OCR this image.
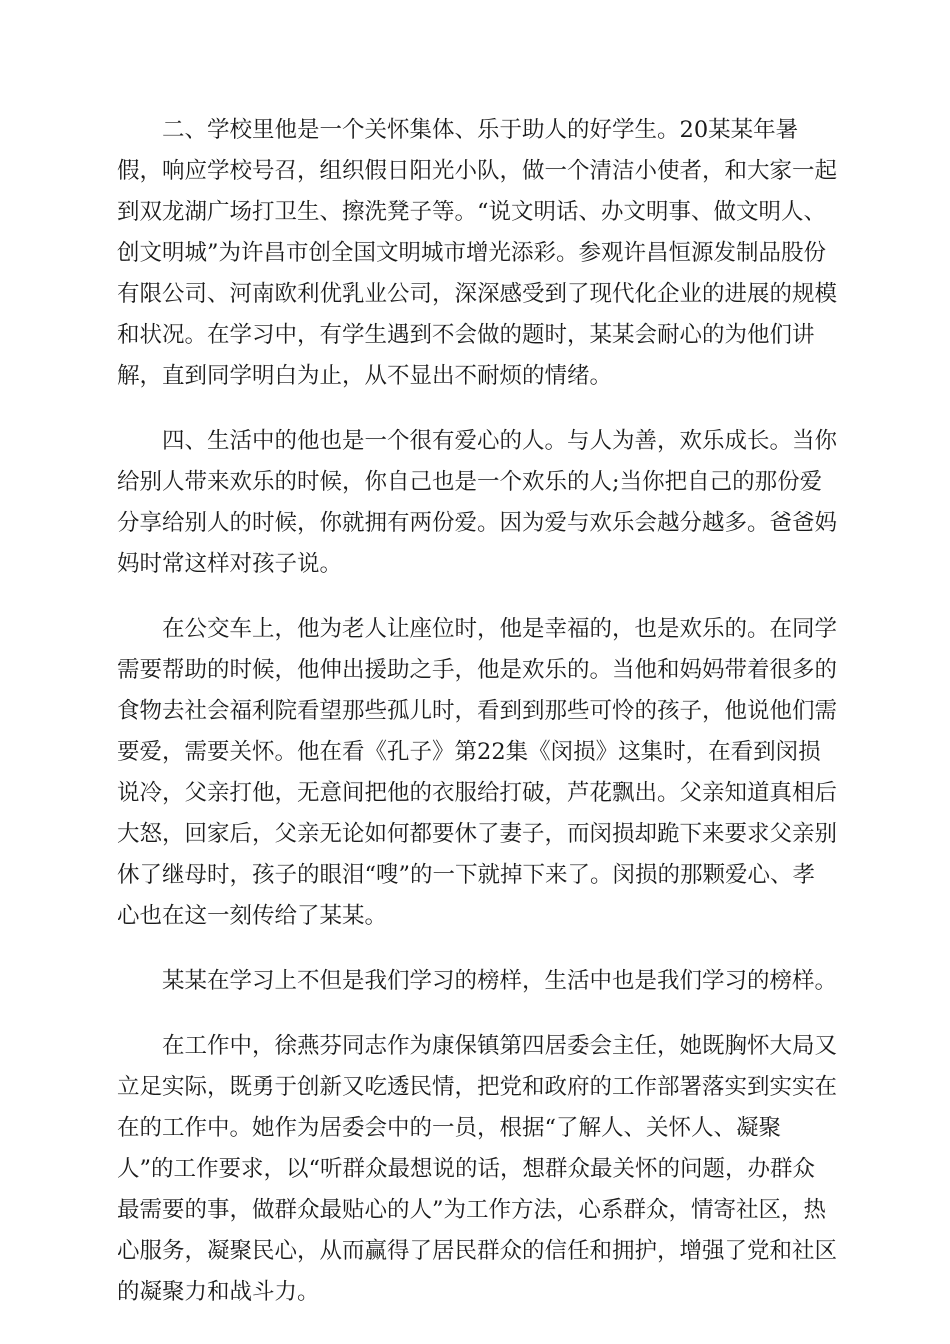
二、学校里他是一个关怀集体、乐于助人的好学生。20某某年暑
假，响应学校号召，组织假日阳光小队，做一个清洁小使者，和大家一起
到双龙湖广场打卫生、擦洗凳子等。“说文明话、办文明事、做文明人、
创文明城”为许昌市创全国文明城市增光添彩。参观许昌恒源发制品股份
有限公司、河南欧利优乳业公司，深深感受到了现代化企业的进展的规模
和状况。在学习中，有学生遇到不会做的题时，某某会耐心的为他们讲
解，直到同学明白为止，从不显出不耐烦的情绪。

四、生活中的他也是一个很有爱心的人。与人为善，欢乐成长。当你
给别人带来欢乐的时候，你自己也是一个欢乐的人;当你把自己的那份爱
分享给别人的时候，你就拥有两份爱。因为爱与欢乐会越分越多。爸爸妈
妈时常这样对孩子说。

在公交车上，他为老人让座位时，他是幸福的，也是欢乐的。在同学
需要帮助的时候，他伸出援助之手，他是欢乐的。当他和妈妈带着很多的
食物去社会福利院看望那些孤儿时，看到到那些可怜的孩子，他说他们需
要爱，需要关怀。他在看《孔子》第22集《闵损》这集时，在看到闵损
说冷，父亲打他，无意间把他的衣服给打破，芦花飘出。父亲知道真相后
大怒，回家后，父亲无论如何都要休了妻子，而闵损却跪下来要求父亲别
休了继母时，孩子的眼泪“嗖”的一下就掉下来了。闵损的那颗爱心、孝
心也在这一刻传给了某某。

某某在学习上不但是我们学习的榜样，生活中也是我们学习的榜样。

在工作中，徐燕芬同志作为康保镇第四居委会主任，她既胸怀大局又
立足实际，既勇于创新又吃透民情，把党和政府的工作部署落实到实实在
在的工作中。她作为居委会中的一员，根据“了解人、关怀人、凝聚
人”的工作要求，以“听群众最想说的话，想群众最关怀的问题，办群众
最需要的事，做群众最贴心的人”为工作方法，心系群众，情寄社区，热
心服务，凝聚民心，从而赢得了居民群众的信任和拥护，增强了党和社区
的凝聚力和战斗力。
